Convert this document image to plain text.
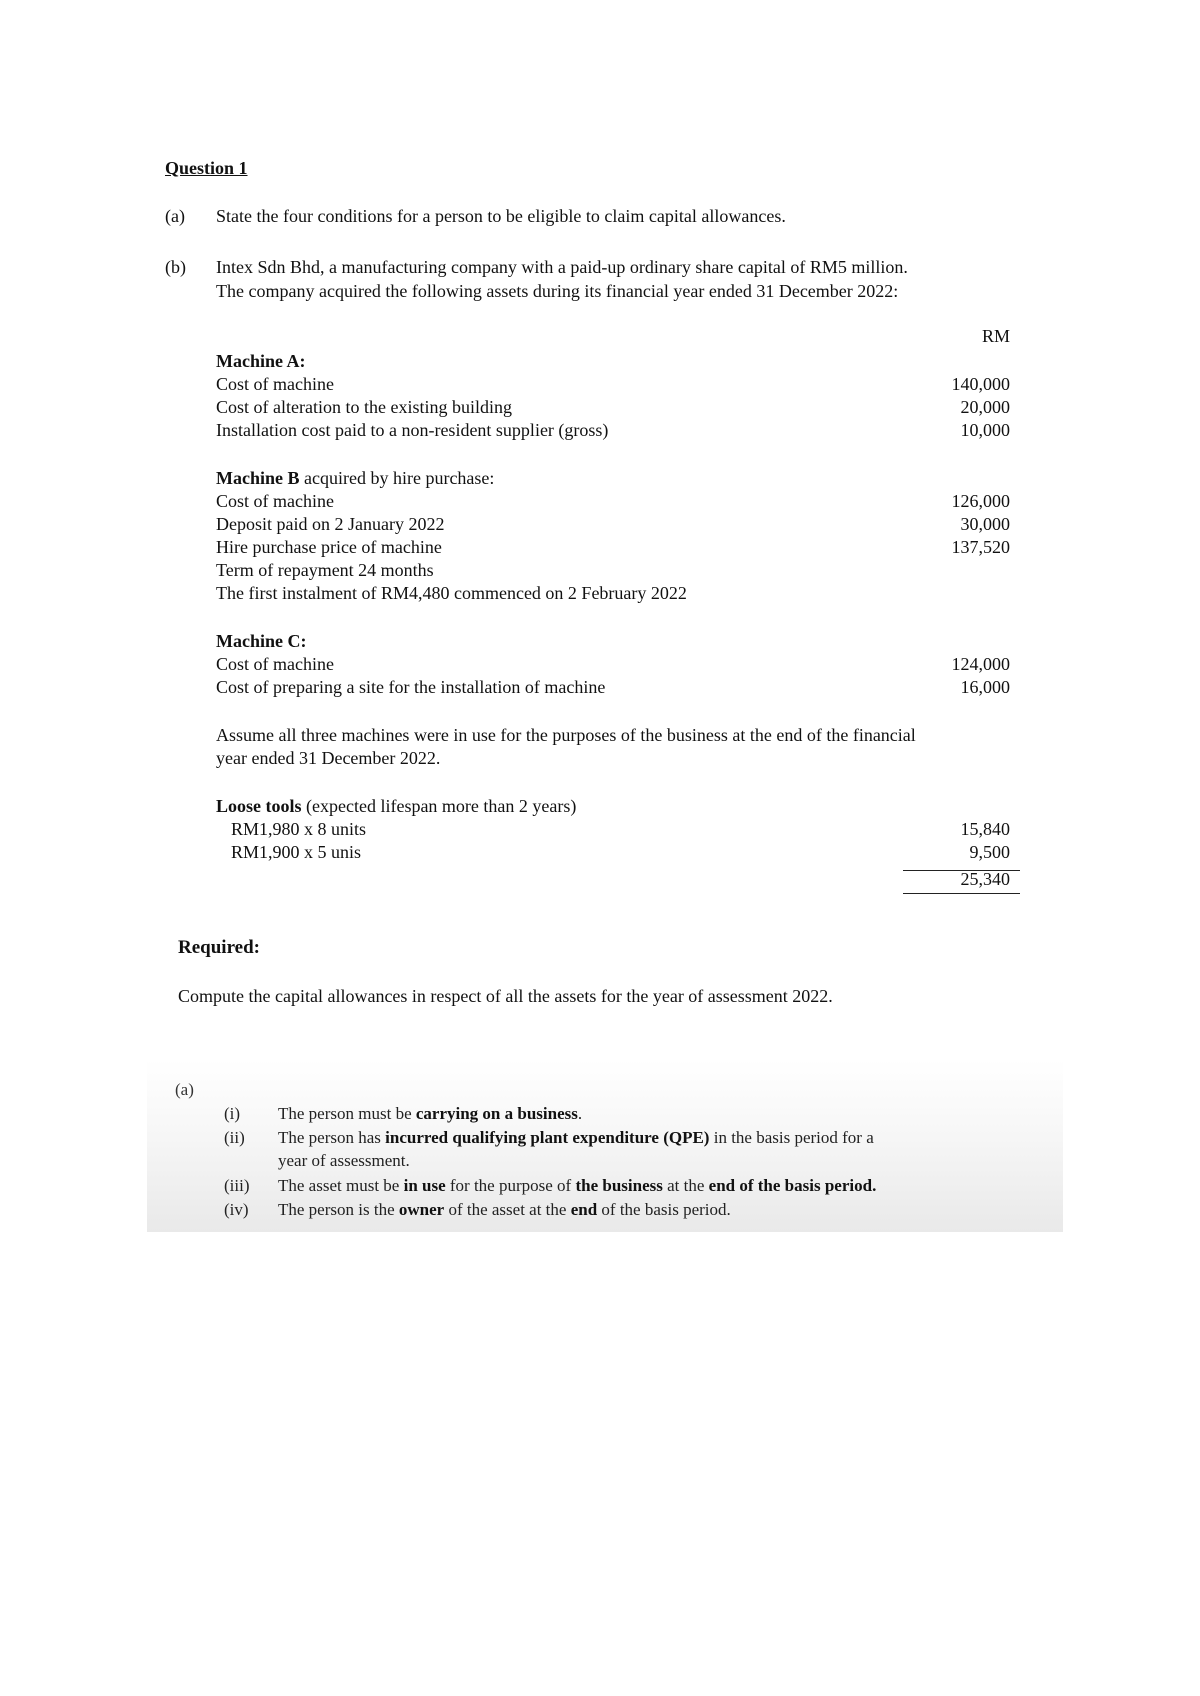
Question 1
(a) State the four conditions for a person to be eligible to claim capital allowances.
(b) Intex Sdn Bhd, a manufacturing company with a paid-up ordinary share capital of RM5 million.
The company acquired the following assets during its financial year ended 31 December 2022:
RM
Machine A:
Cost of machine	140,000
Cost of alteration to the existing building	20,000
Installation cost paid to a non-resident supplier (gross)	10,000
Machine B acquired by hire purchase:
Cost of machine	126,000
Deposit paid on 2 January 2022	30,000
Hire purchase price of machine	137,520
Term of repayment 24 months
The first instalment of RM4,480 commenced on 2 February 2022
Machine C:
Cost of machine	124,000
Cost of preparing a site for the installation of machine	16,000
Assume all three machines were in use for the purposes of the business at the end of the financial
year ended 31 December 2022.
Loose tools (expected lifespan more than 2 years)
RM1,980 x 8 units	15,840
RM1,900 x 5 unis	9,500
25,340
Required:
Compute the capital allowances in respect of all the assets for the year of assessment 2022.
(a)
(i) The person must be carrying on a business.
(ii) The person has incurred qualifying plant expenditure (QPE) in the basis period for a
year of assessment.
(iii) The asset must be in use for the purpose of the business at the end of the basis period.
(iv) The person is the owner of the asset at the end of the basis period.
